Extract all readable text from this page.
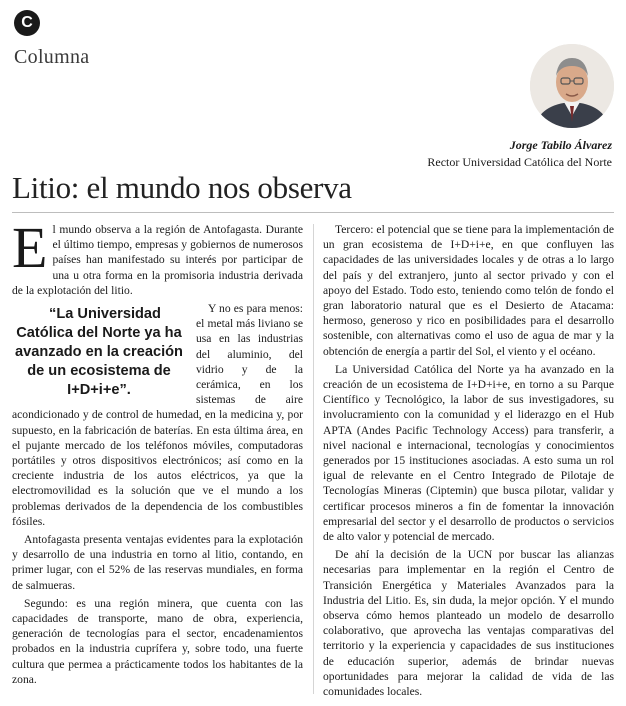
C
Columna
Jorge Tabilo Álvarez
Rector Universidad Católica del Norte
Litio: el mundo nos observa

El mundo observa a la región de Antofagasta. Durante el último tiempo, empresas y gobiernos de numerosos países han manifestado su interés por participar de una u otra forma en la promisoria industria derivada de la explotación del litio.

“La Universidad Católica del Norte ya ha avanzado en la creación de un ecosistema de I+D+i+e”.
Y no es para menos: el metal más liviano se usa en las industrias del aluminio, del vidrio y de la cerámica, en los sistemas de aire acondicionado y de control de humedad, en la medicina y, por supuesto, en la fabricación de baterías. En esta última área, en el pujante mercado de los teléfonos móviles, computadoras portátiles y otros dispositivos electrónicos; así como en la creciente industria de los autos eléctricos, ya que la electromovilidad es la solución que ve el mundo a los problemas derivados de la dependencia de los combustibles fósiles.

Antofagasta presenta ventajas evidentes para la explotación y desarrollo de una industria en torno al litio, contando, en primer lugar, con el 52% de las reservas mundiales, en forma de salmueras.

Segundo: es una región minera, que cuenta con las capacidades de transporte, mano de obra, experiencia, generación de tecnologías para el sector, encadenamientos probados en la industria cuprífera y, sobre todo, una fuerte cultura que permea a prácticamente todos los habitantes de la zona.

Tercero: el potencial que se tiene para la implementación de un gran ecosistema de I+D+i+e, en que confluyen las capacidades de las universidades locales y de otras a lo largo del país y del extranjero, junto al sector privado y con el apoyo del Estado. Todo esto, teniendo como telón de fondo el gran laboratorio natural que es el Desierto de Atacama: hermoso, generoso y rico en posibilidades para el desarrollo sostenible, con alternativas como el uso de agua de mar y la obtención de energía a partir del Sol, el viento y el océano.

La Universidad Católica del Norte ya ha avanzado en la creación de un ecosistema de I+D+i+e, en torno a su Parque Científico y Tecnológico, la labor de sus investigadores, su involucramiento con la comunidad y el liderazgo en el Hub APTA (Andes Pacific Technology Access) para transferir, a nivel nacional e internacional, tecnologías y conocimientos generados por 15 instituciones asociadas. A esto suma un rol igual de relevante en el Centro Integrado de Pilotaje de Tecnologías Mineras (Ciptemin) que busca pilotar, validar y certificar procesos mineros a fin de fomentar la innovación empresarial del sector y el desarrollo de productos o servicios de alto valor y potencial de mercado.

De ahí la decisión de la UCN por buscar las alianzas necesarias para implementar en la región el Centro de Transición Energética y Materiales Avanzados para la Industria del Litio. Es, sin duda, la mejor opción. Y el mundo observa cómo hemos planteado un modelo de desarrollo colaborativo, que aprovecha las ventajas comparativas del territorio y la experiencia y capacidades de sus instituciones de educación superior, además de brindar nuevas oportunidades para mejorar la calidad de vida de las comunidades locales.
